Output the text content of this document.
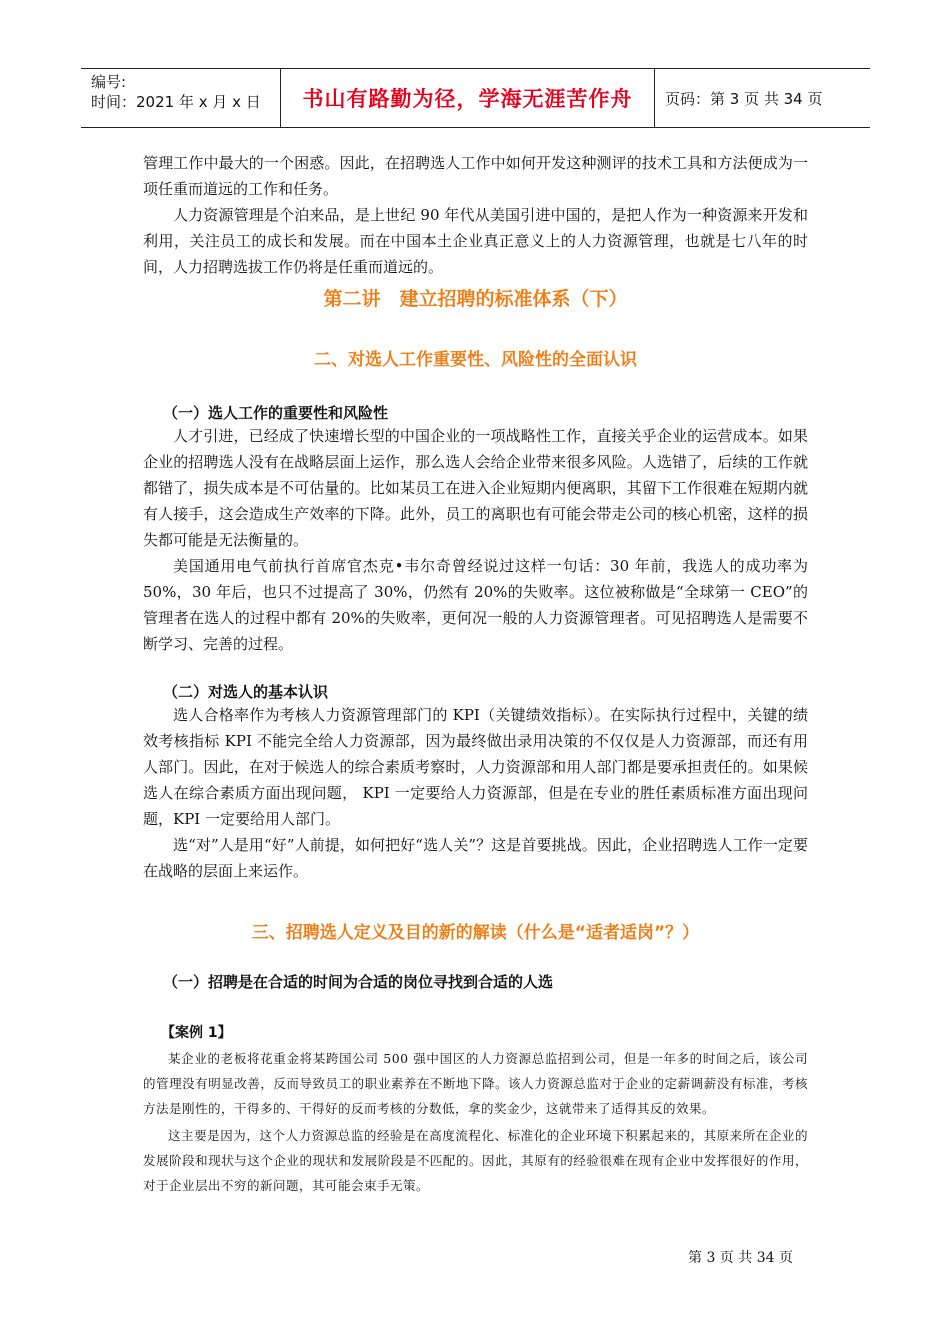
编号:
时间：2021 年 x 月 x 日	书山有路勤为径，学海无涯苦作舟	页码：第 3 页 共 34 页

管理工作中最大的一个困惑。因此，在招聘选人工作中如何开发这种测评的技术工具和方法便成为一项任重而道远的工作和任务。

人力资源管理是个泊来品，是上世纪 90 年代从美国引进中国的，是把人作为一种资源来开发和利用，关注员工的成长和发展。而在中国本土企业真正意义上的人力资源管理，也就是七八年的时间，人力招聘选拔工作仍将是任重而道远的。

第二讲　建立招聘的标准体系（下）

二、对选人工作重要性、风险性的全面认识

（一）选人工作的重要性和风险性

人才引进，已经成了快速增长型的中国企业的一项战略性工作，直接关乎企业的运营成本。如果企业的招聘选人没有在战略层面上运作，那么选人会给企业带来很多风险。人选错了，后续的工作就都错了，损失成本是不可估量的。比如某员工在进入企业短期内便离职，其留下工作很难在短期内就有人接手，这会造成生产效率的下降。此外，员工的离职也有可能会带走公司的核心机密，这样的损失都可能是无法衡量的。

美国通用电气前执行首席官杰克•韦尔奇曾经说过这样一句话：30 年前，我选人的成功率为 50%，30 年后，也只不过提高了 30%，仍然有 20%的失败率。这位被称做是“全球第一 CEO”的管理者在选人的过程中都有 20%的失败率，更何况一般的人力资源管理者。可见招聘选人是需要不断学习、完善的过程。

（二）对选人的基本认识

选人合格率作为考核人力资源管理部门的 KPI（关键绩效指标）。在实际执行过程中，关键的绩效考核指标 KPI 不能完全给人力资源部，因为最终做出录用决策的不仅仅是人力资源部，而还有用人部门。因此，在对于候选人的综合素质考察时，人力资源部和用人部门都是要承担责任的。如果候选人在综合素质方面出现问题， KPI 一定要给人力资源部，但是在专业的胜任素质标准方面出现问题，KPI 一定要给用人部门。

选“对”人是用“好”人前提，如何把好“选人关”？这是首要挑战。因此，企业招聘选人工作一定要在战略的层面上来运作。

三、招聘选人定义及目的新的解读（什么是“适者适岗”？）

（一）招聘是在合适的时间为合适的岗位寻找到合适的人选

【案例 1】

某企业的老板将花重金将某跨国公司 500 强中国区的人力资源总监招到公司，但是一年多的时间之后，该公司的管理没有明显改善，反而导致员工的职业素养在不断地下降。该人力资源总监对于企业的定薪调薪没有标准，考核方法是刚性的，干得多的、干得好的反而考核的分数低，拿的奖金少，这就带来了适得其反的效果。

这主要是因为，这个人力资源总监的经验是在高度流程化、标准化的企业环境下积累起来的，其原来所在企业的发展阶段和现状与这个企业的现状和发展阶段是不匹配的。因此，其原有的经验很难在现有企业中发挥很好的作用，对于企业层出不穷的新问题，其可能会束手无策。

第 3 页 共 34 页
